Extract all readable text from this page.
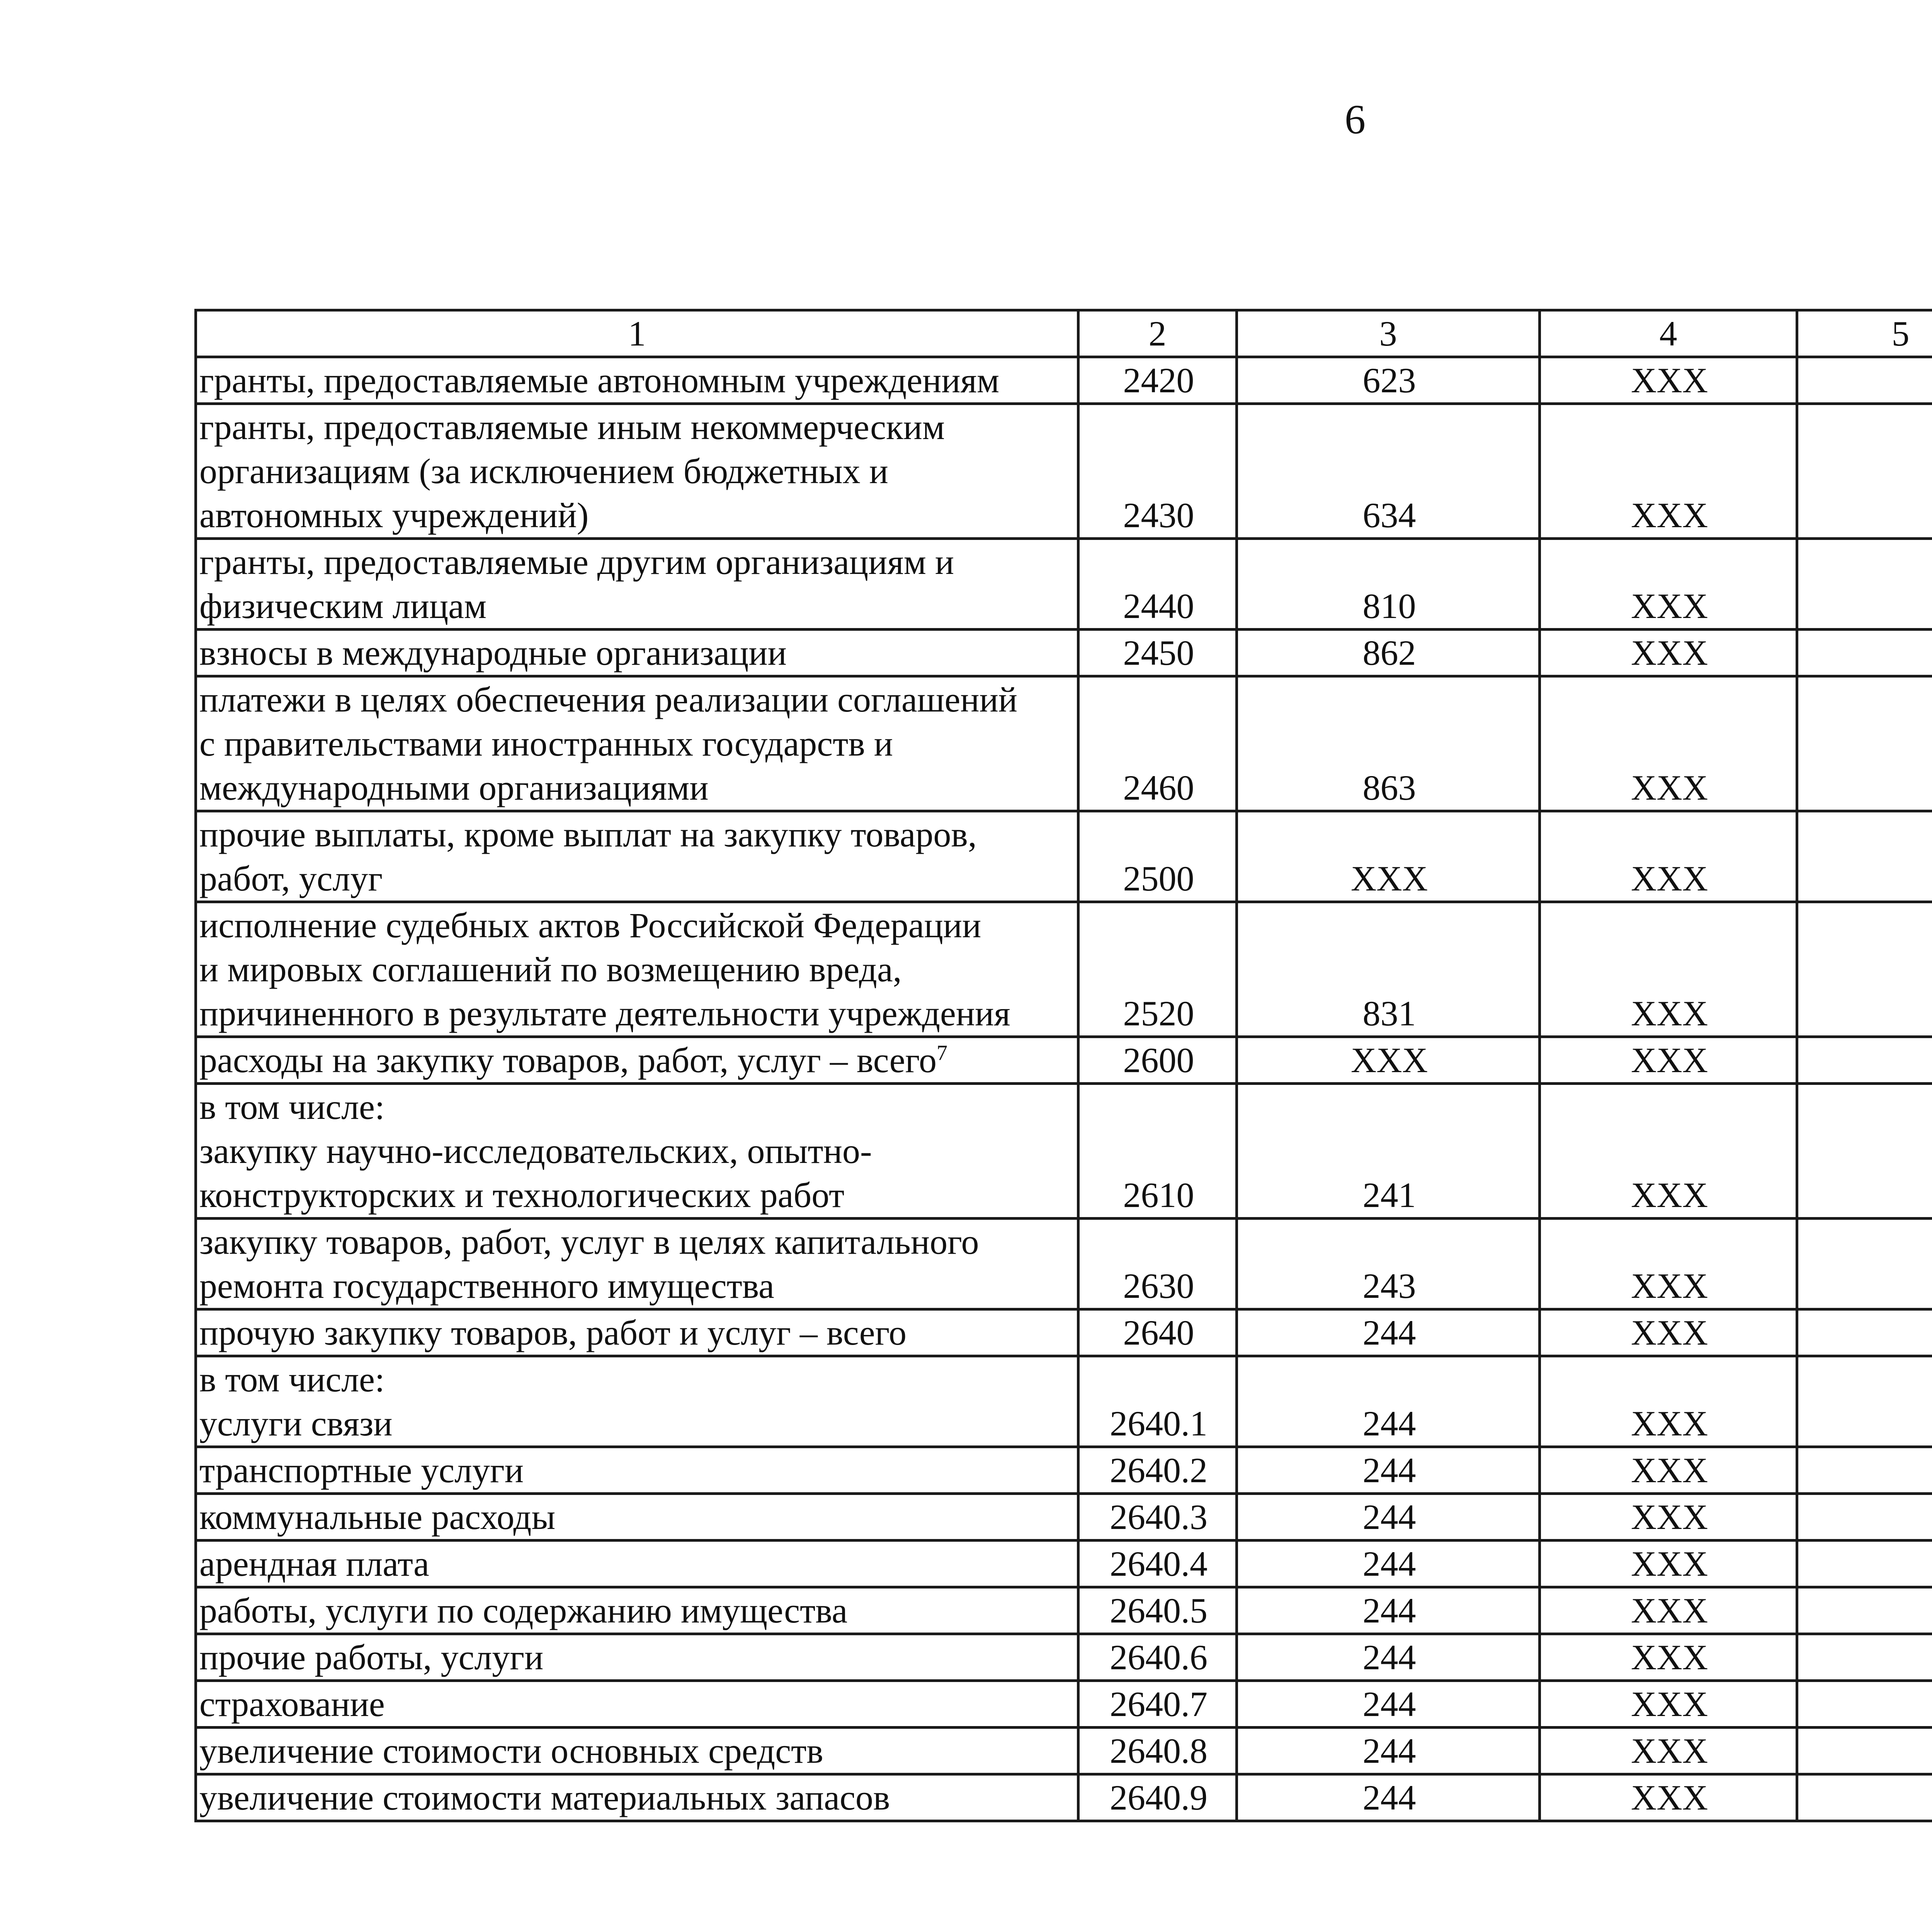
6
1	2	3	4	5			

гранты, предоставляемые автономным учреждениям	2420	623	XXX				

гранты, предоставляемые иным некоммерческим
организациям (за исключением бюджетных и
автономных учреждений)	2430	634	XXX				

гранты, предоставляемые другим организациям и
физическим лицам	2440	810	XXX				

взносы в международные организации	2450	862	XXX				

платежи в целях обеспечения реализации соглашений
с правительствами иностранных государств и
международными организациями	2460	863	XXX				

прочие выплаты, кроме выплат на закупку товаров,
работ, услуг	2500	XXX	XXX				

исполнение судебных актов Российской Федерации
и мировых соглашений по возмещению вреда,
причиненного в результате деятельности учреждения	2520	831	XXX				

расходы на закупку товаров, работ, услуг – всего$^7$	2600	XXX	XXX				

в том числе:
закупку научно-исследовательских, опытно-
конструкторских и технологических работ	2610	241	XXX				

закупку товаров, работ, услуг в целях капитального
ремонта государственного имущества	2630	243	XXX				

прочую закупку товаров, работ и услуг – всего	2640	244	XXX				

в том числе:
услуги связи	2640.1	244	XXX				

транспортные услуги	2640.2	244	XXX				

коммунальные расходы	2640.3	244	XXX				

арендная плата	2640.4	244	XXX				

работы, услуги по содержанию имущества	2640.5	244	XXX				

прочие работы, услуги	2640.6	244	XXX				

страхование	2640.7	244	XXX				

увеличение стоимости основных средств	2640.8	244	XXX				

увеличение стоимости материальных запасов	2640.9	244	XXX				
